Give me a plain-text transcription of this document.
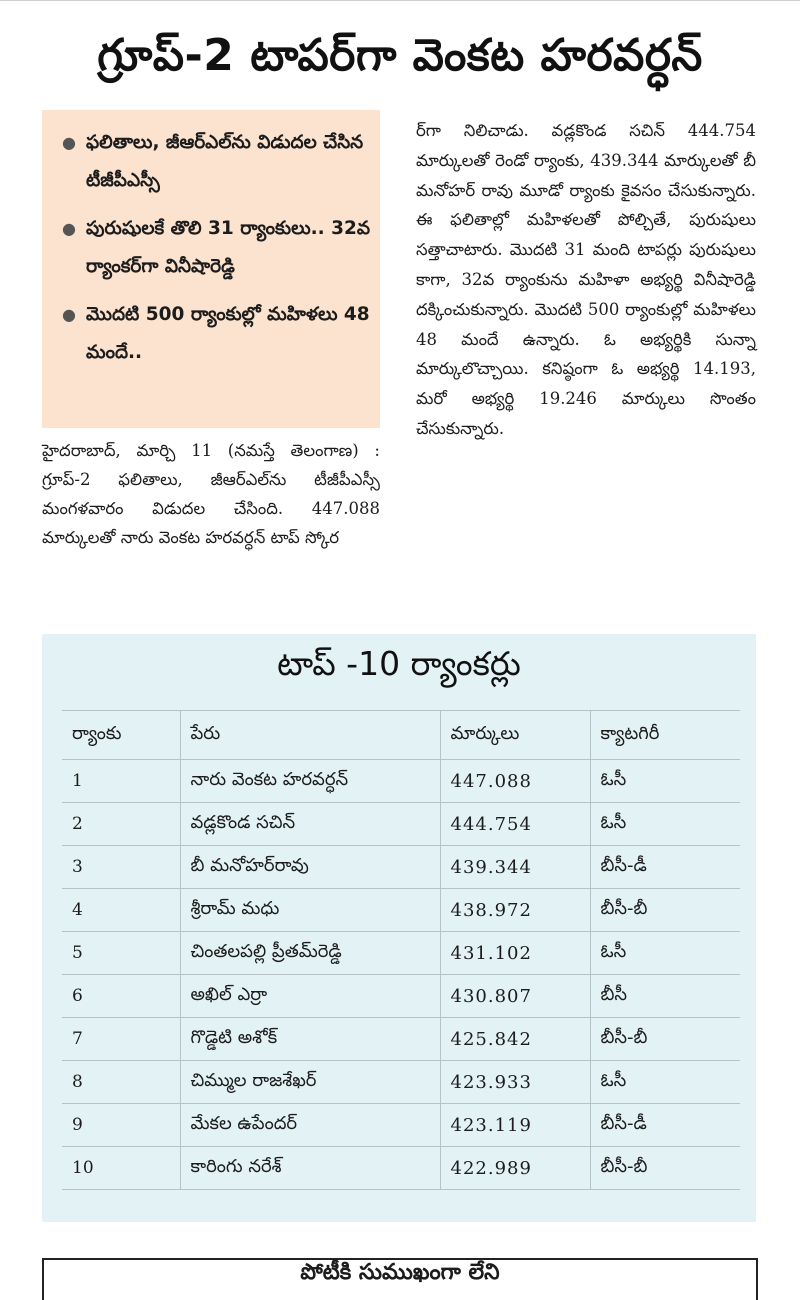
గ్రూప్-2 టాపర్‌గా వెంకట హరవర్ధన్
● ఫలితాలు, జీఆర్‌ఎల్‌ను విడుదల చేసిన టీజీపీఎస్సీ
● పురుషులకే తొలి 31 ర్యాంకులు.. 32వ ర్యాంకర్‌గా వినీషారెడ్డి
● మొదటి 500 ర్యాంకుల్లో మహిళలు 48 మందే..

హైదరాబాద్, మార్చి 11 (నమస్తే తెలంగాణ) : గ్రూప్-2 ఫలితాలు, జీఆర్ఎల్‌ను టీజీపీఎస్సీ మంగళవారం విడుదల చేసింది. 447.088 మార్కులతో నారు వెంకట హరవర్ధన్ టాప్ స్కోర

ర్‌గా నిలిచాడు. వడ్లకొండ సచిన్ 444.754 మార్కులతో రెండో ర్యాంకు, 439.344 మార్కులతో బీ మనోహర్ రావు మూడో ర్యాంకు కైవసం చేసుకున్నారు. ఈ ఫలితాల్లో మహిళలతో పోల్చితే, పురుషులు సత్తాచాటారు. మొదటి 31 మంది టాపర్లు పురుషులు కాగా, 32వ ర్యాంకును మహిళా అభ్యర్థి వినీషారెడ్డి దక్కించుకున్నారు. మొదటి 500 ర్యాంకుల్లో మహిళలు 48 మందే ఉన్నారు. ఓ అభ్యర్థికి సున్నా మార్కులొచ్చాయి. కనిష్ఠంగా ఓ అభ్యర్థి 14.193, మరో అభ్యర్థి 19.246 మార్కులు సొంతం చేసుకున్నారు.

టాప్ -10 ర్యాంకర్లు
ర్యాంకు	పేరు	మార్కులు	క్యాటగిరీ
1	నారు వెంకట హరవర్ధన్	447.088	ఓసీ
2	వడ్లకొండ సచిన్	444.754	ఓసీ
3	బీ మనోహర్‌రావు	439.344	బీసీ-డీ
4	శ్రీరామ్ మధు	438.972	బీసీ-బీ
5	చింతలపల్లి ప్రీతమ్‌రెడ్డి	431.102	ఓసీ
6	అఖిల్ ఎర్రా	430.807	బీసీ
7	గొడ్డెటి అశోక్	425.842	బీసీ-బీ
8	చిమ్ముల రాజశేఖర్	423.933	ఓసీ
9	మేకల ఉపేందర్	423.119	బీసీ-డీ
10	కారింగు నరేశ్	422.989	బీసీ-బీ
పోటీకి సుముఖంగా లేని
